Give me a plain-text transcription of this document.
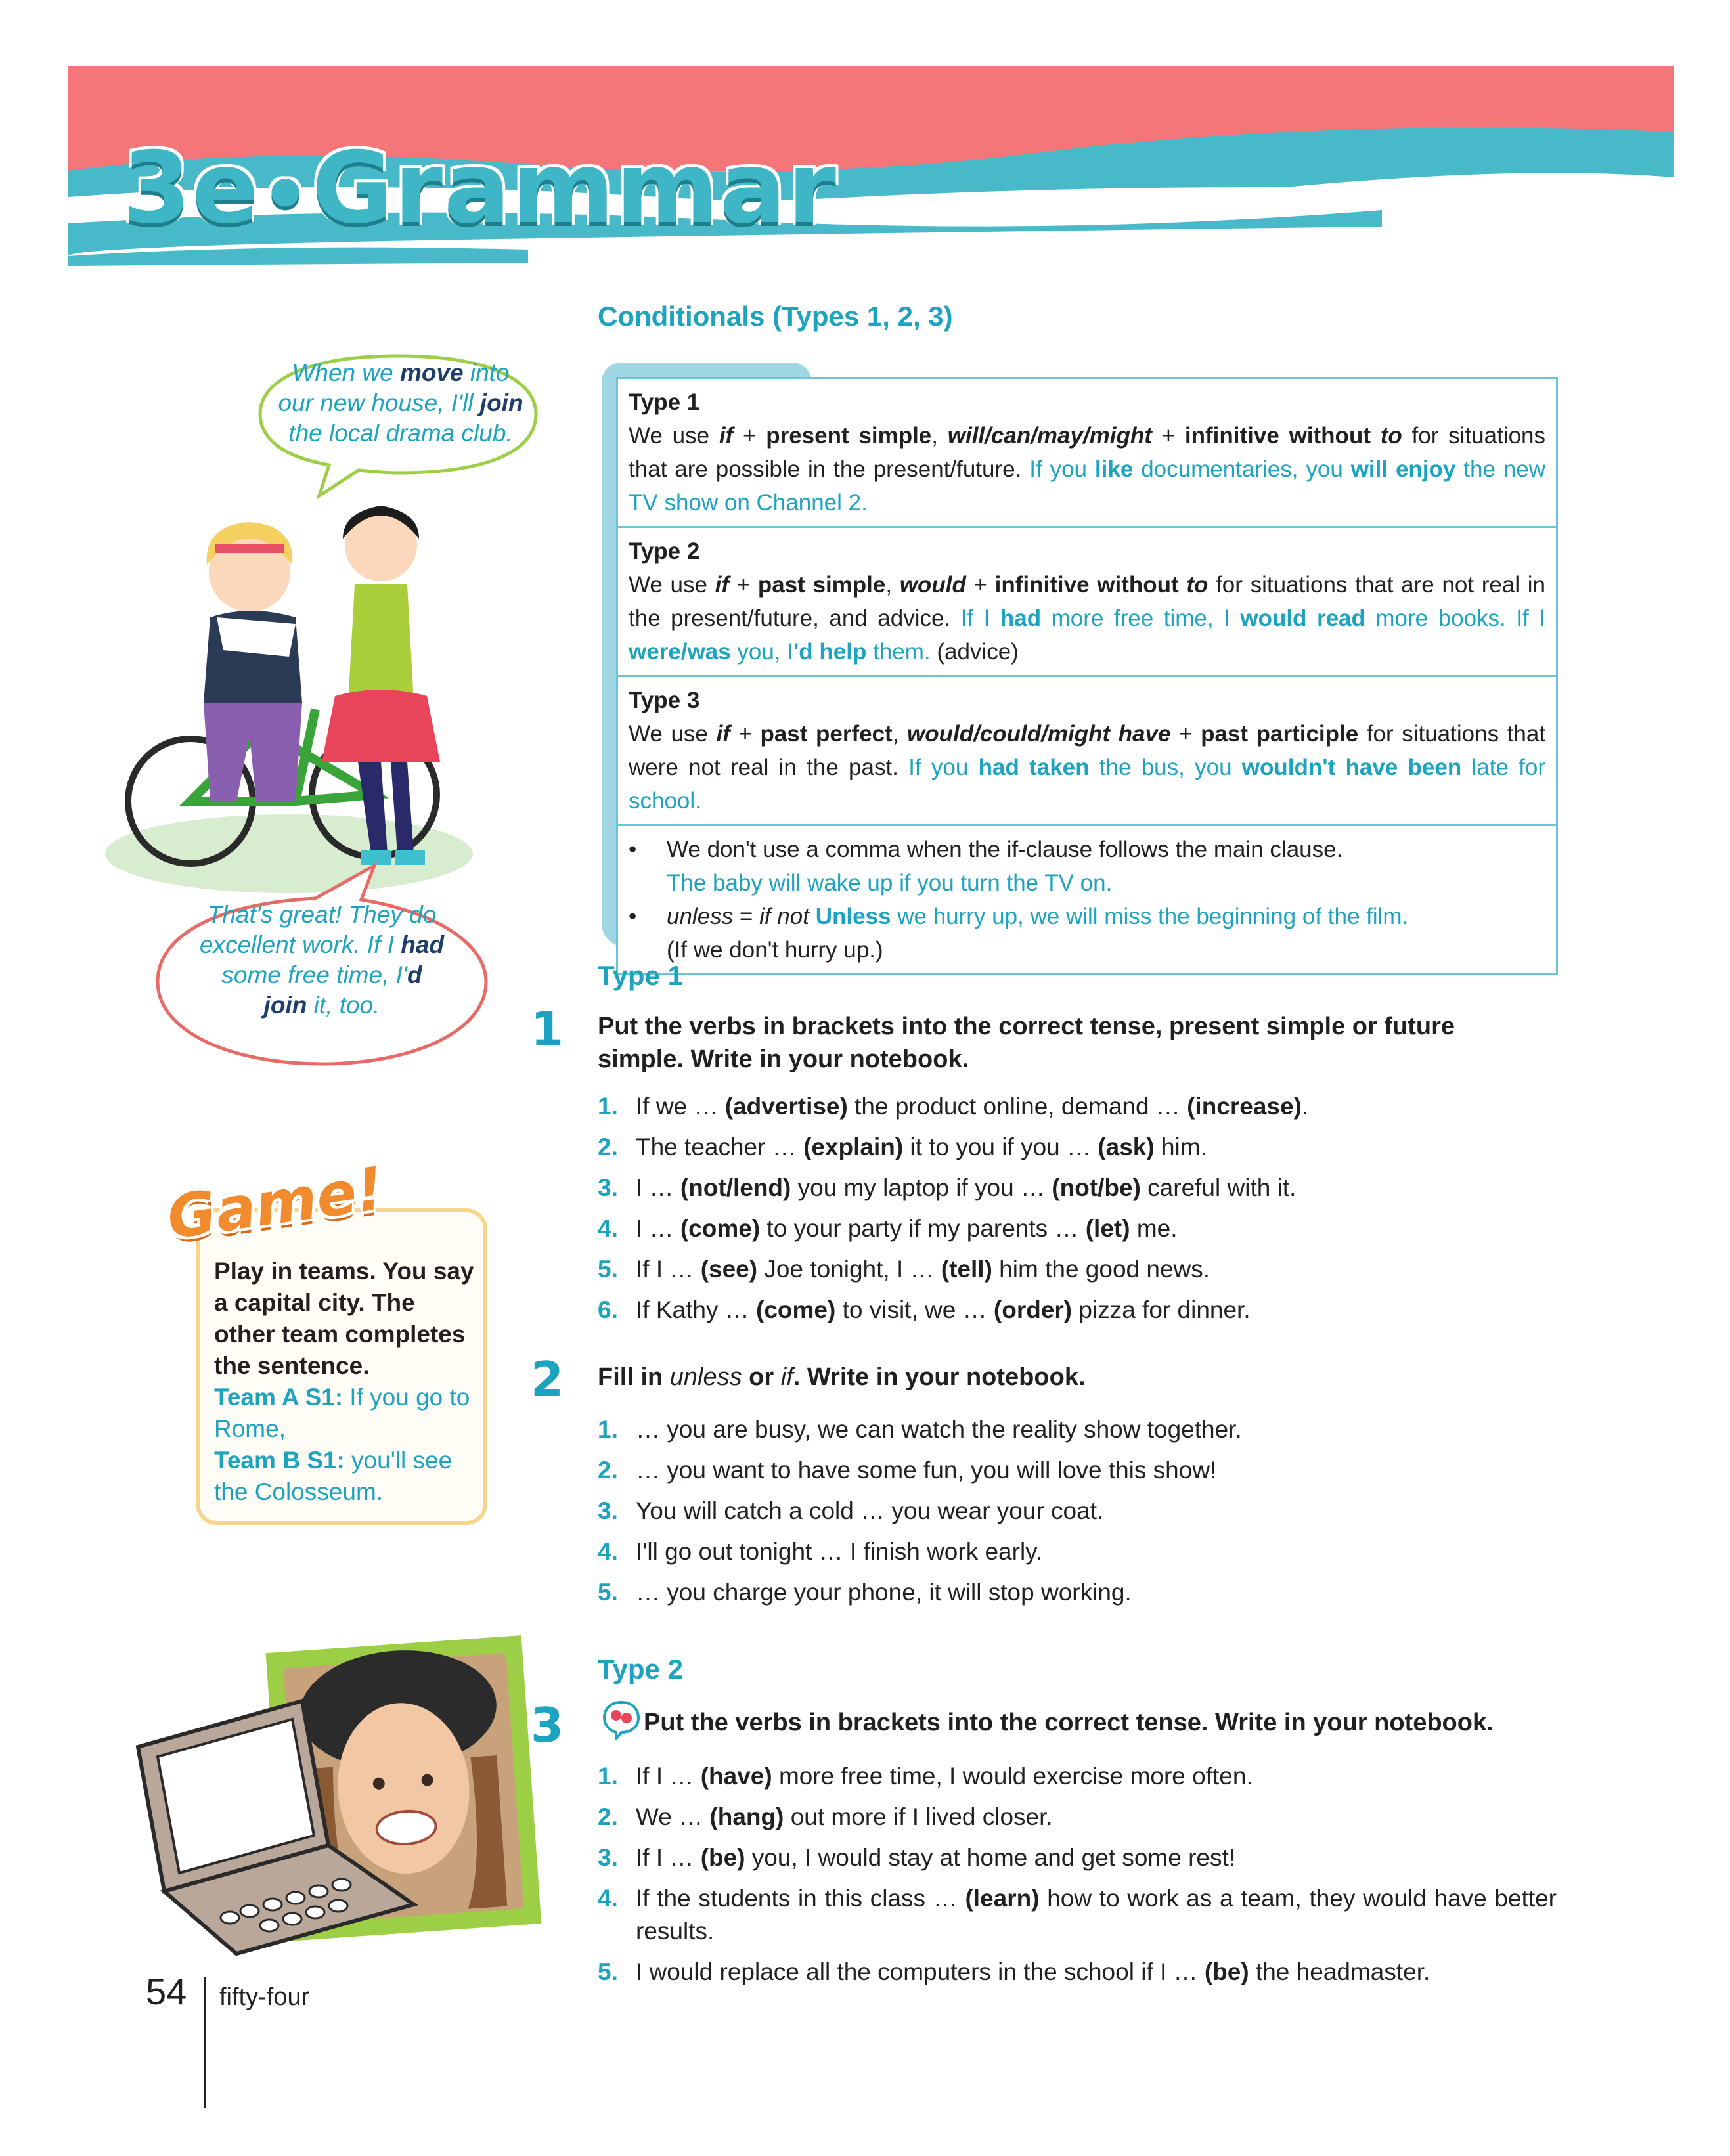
3e•Grammar
When we move into our new house, I'll join the local drama club.
That's great! They do excellent work. If I had some free time, I'd join it, too.
Conditionals (Types 1, 2, 3)
Type 1
We use if + present simple, will/can/may/might + infinitive without to for situations that are possible in the present/future. If you like documentaries, you will enjoy the new TV show on Channel 2.
Type 2
We use if + past simple, would + infinitive without to for situations that are not real in the present/future, and advice. If I had more free time, I would read more books. If I were/was you, I'd help them. (advice)
Type 3
We use if + past perfect, would/could/might have + past participle for situations that were not real in the past. If you had taken the bus, you wouldn't have been late for school.
• We don't use a comma when the if-clause follows the main clause.
The baby will wake up if you turn the TV on.
• unless = if not Unless we hurry up, we will miss the beginning of the film.
(If we don't hurry up.)
Type 1
1 Put the verbs in brackets into the correct tense, present simple or future simple. Write in your notebook.
1. If we … (advertise) the product online, demand … (increase).
2. The teacher … (explain) it to you if you … (ask) him.
3. I … (not/lend) you my laptop if you … (not/be) careful with it.
4. I … (come) to your party if my parents … (let) me.
5. If I … (see) Joe tonight, I … (tell) him the good news.
6. If Kathy … (come) to visit, we … (order) pizza for dinner.
2 Fill in unless or if. Write in your notebook.
1. … you are busy, we can watch the reality show together.
2. … you want to have some fun, you will love this show!
3. You will catch a cold … you wear your coat.
4. I'll go out tonight … I finish work early.
5. … you charge your phone, it will stop working.
Type 2
3	Put the verbs in brackets into the correct tense. Write in your notebook.
1. If I … (have) more free time, I would exercise more often.
2. We … (hang) out more if I lived closer.
3. If I … (be) you, I would stay at home and get some rest!
4. If the students in this class … (learn) how to work as a team, they would have better results.
5. I would replace all the computers in the school if I … (be) the headmaster.
Game!
Play in teams. You say a capital city. The other team completes the sentence.
Team A S1: If you go to Rome,
Team B S1: you'll see the Colosseum.
54 fifty-four
